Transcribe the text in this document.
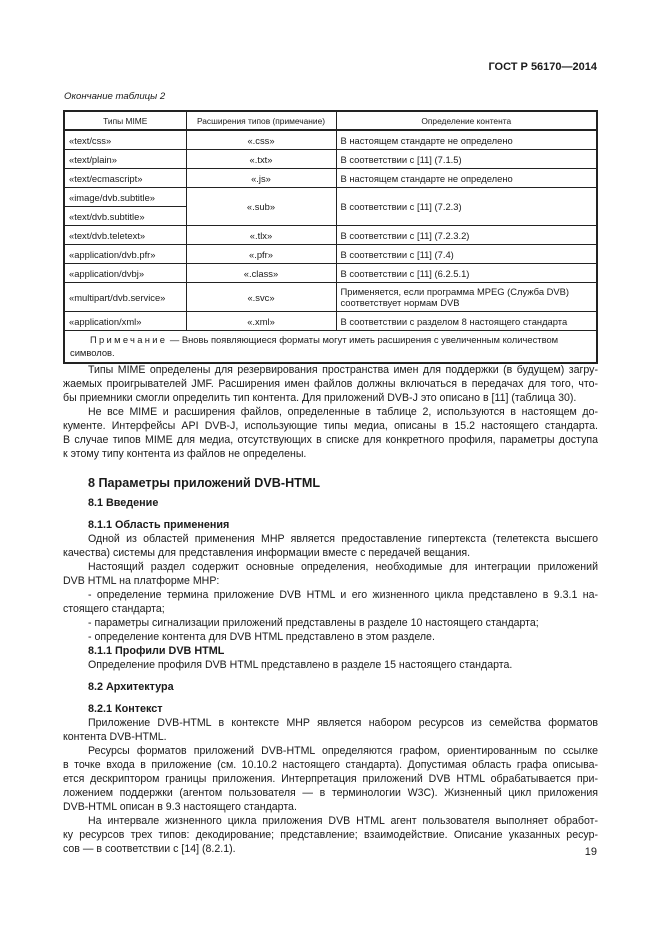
ГОСТ Р 56170—2014
Окончание таблицы 2
Типы MIME	Расширения типов (примечание)	Определение контента
«text/css»	«.css»	В настоящем стандарте не определено
«text/plain»	«.txt»	В соответствии с [11] (7.1.5)
«text/ecmascript»	«.js»	В настоящем стандарте не определено
«image/dvb.subtitle»	«.sub»	В соответствии с [11] (7.2.3)
«text/dvb.subtitle»		
«text/dvb.teletext»	«.tlx»	В соответствии с [11] (7.2.3.2)
«application/dvb.pfr»	«.pfr»	В соответствии с [11] (7.4)
«application/dvbj»	«.class»	В соответствии с [11] (6.2.5.1)
«multipart/dvb.service»	«.svc»	Применяется, если программа MPEG (Служба DVB) соответствует нормам DVB
«application/xml»	«.xml»	В соответствии с разделом 8 настоящего стандарта
Примечание — Вновь появляющиеся форматы могут иметь расширения с увеличенным количеством символов.		
Типы MIME определены для резервирования пространства имен для поддержки (в будущем) загру-
жаемых проигрывателей JMF. Расширения имен файлов должны включаться в передачах для того, что-
бы приемники смогли определить тип контента. Для приложений DVB-J это описано в [11] (таблица 30).
Не все MIME и расширения файлов, определенные в таблице 2, используются в настоящем до-
кументе. Интерфейсы API DVB-J, использующие типы медиа, описаны в 15.2 настоящего стандарта.
В случае типов MIME для медиа, отсутствующих в списке для конкретного профиля, параметры доступа
к этому типу контента из файлов не определены.
8 Параметры приложений DVB-HTML
8.1 Введение
8.1.1 Область применения
Одной из областей применения MHP является предоставление гипертекста (телетекста высшего
качества) системы для представления информации вместе с передачей вещания.
Настоящий раздел содержит основные определения, необходимые для интеграции приложений
DVB HTML на платформе MHP:
- определение термина приложение DVB HTML и его жизненного цикла представлено в 9.3.1 на-
стоящего стандарта;
- параметры сигнализации приложений представлены в разделе 10 настоящего стандарта;
- определение контента для DVB HTML представлено в этом разделе.
8.1.1 Профили DVB HTML
Определение профиля DVB HTML представлено в разделе 15 настоящего стандарта.
8.2 Архитектура
8.2.1 Контекст
Приложение DVB-HTML в контексте MHP является набором ресурсов из семейства форматов
контента DVB-HTML.
Ресурсы форматов приложений DVB-HTML определяются графом, ориентированным по ссылке
в точке входа в приложение (см. 10.10.2 настоящего стандарта). Допустимая область графа описыва-
ется дескриптором границы приложения. Интерпретация приложений DVB HTML обрабатывается при-
ложением поддержки (агентом пользователя — в терминологии W3C). Жизненный цикл приложения
DVB-HTML описан в 9.3 настоящего стандарта.
На интервале жизненного цикла приложения DVB HTML агент пользователя выполняет обработ-
ку ресурсов трех типов: декодирование; представление; взаимодействие. Описание указанных ресур-
сов — в соответствии с [14] (8.2.1).	19
